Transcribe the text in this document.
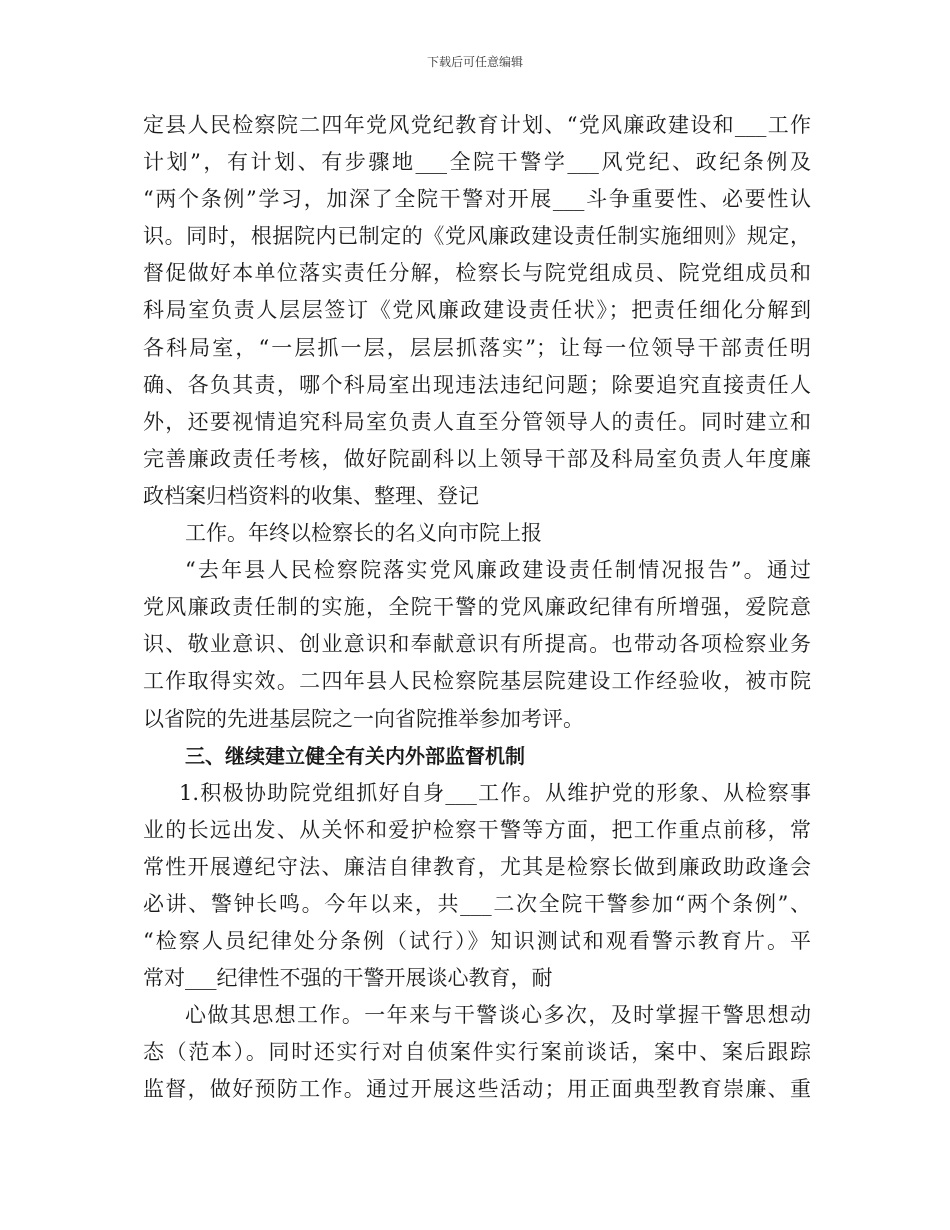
下载后可任意编辑
定县人民检察院二四年党风党纪教育计划、“党风廉政建设和___工作
计划”，有计划、有步骤地___全院干警学___风党纪、政纪条例及
“两个条例”学习，加深了全院干警对开展___斗争重要性、必要性认
识。同时，根据院内已制定的《党风廉政建设责任制实施细则》规定，
督促做好本单位落实责任分解，检察长与院党组成员、院党组成员和
科局室负责人层层签订《党风廉政建设责任状》；把责任细化分解到
各科局室，“一层抓一层，层层抓落实”；让每一位领导干部责任明
确、各负其责，哪个科局室出现违法违纪问题；除要追究直接责任人
外，还要视情追究科局室负责人直至分管领导人的责任。同时建立和
完善廉政责任考核，做好院副科以上领导干部及科局室负责人年度廉
政档案归档资料的收集、整理、登记
工作。年终以检察长的名义向市院上报
“去年县人民检察院落实党风廉政建设责任制情况报告”。通过
党风廉政责任制的实施，全院干警的党风廉政纪律有所增强，爱院意
识、敬业意识、创业意识和奉献意识有所提高。也带动各项检察业务
工作取得实效。二四年县人民检察院基层院建设工作经验收，被市院
以省院的先进基层院之一向省院推举参加考评。
三、继续建立健全有关内外部监督机制
1.积极协助院党组抓好自身___工作。从维护党的形象、从检察事
业的长远出发、从关怀和爱护检察干警等方面，把工作重点前移，常
常性开展遵纪守法、廉洁自律教育，尤其是检察长做到廉政助政逢会
必讲、警钟长鸣。今年以来，共___二次全院干警参加“两个条例”、
“检察人员纪律处分条例（试行）》知识测试和观看警示教育片。平
常对___纪律性不强的干警开展谈心教育，耐
心做其思想工作。一年来与干警谈心多次，及时掌握干警思想动
态（范本）。同时还实行对自侦案件实行案前谈话，案中、案后跟踪
监督，做好预防工作。通过开展这些活动；用正面典型教育崇廉、重
